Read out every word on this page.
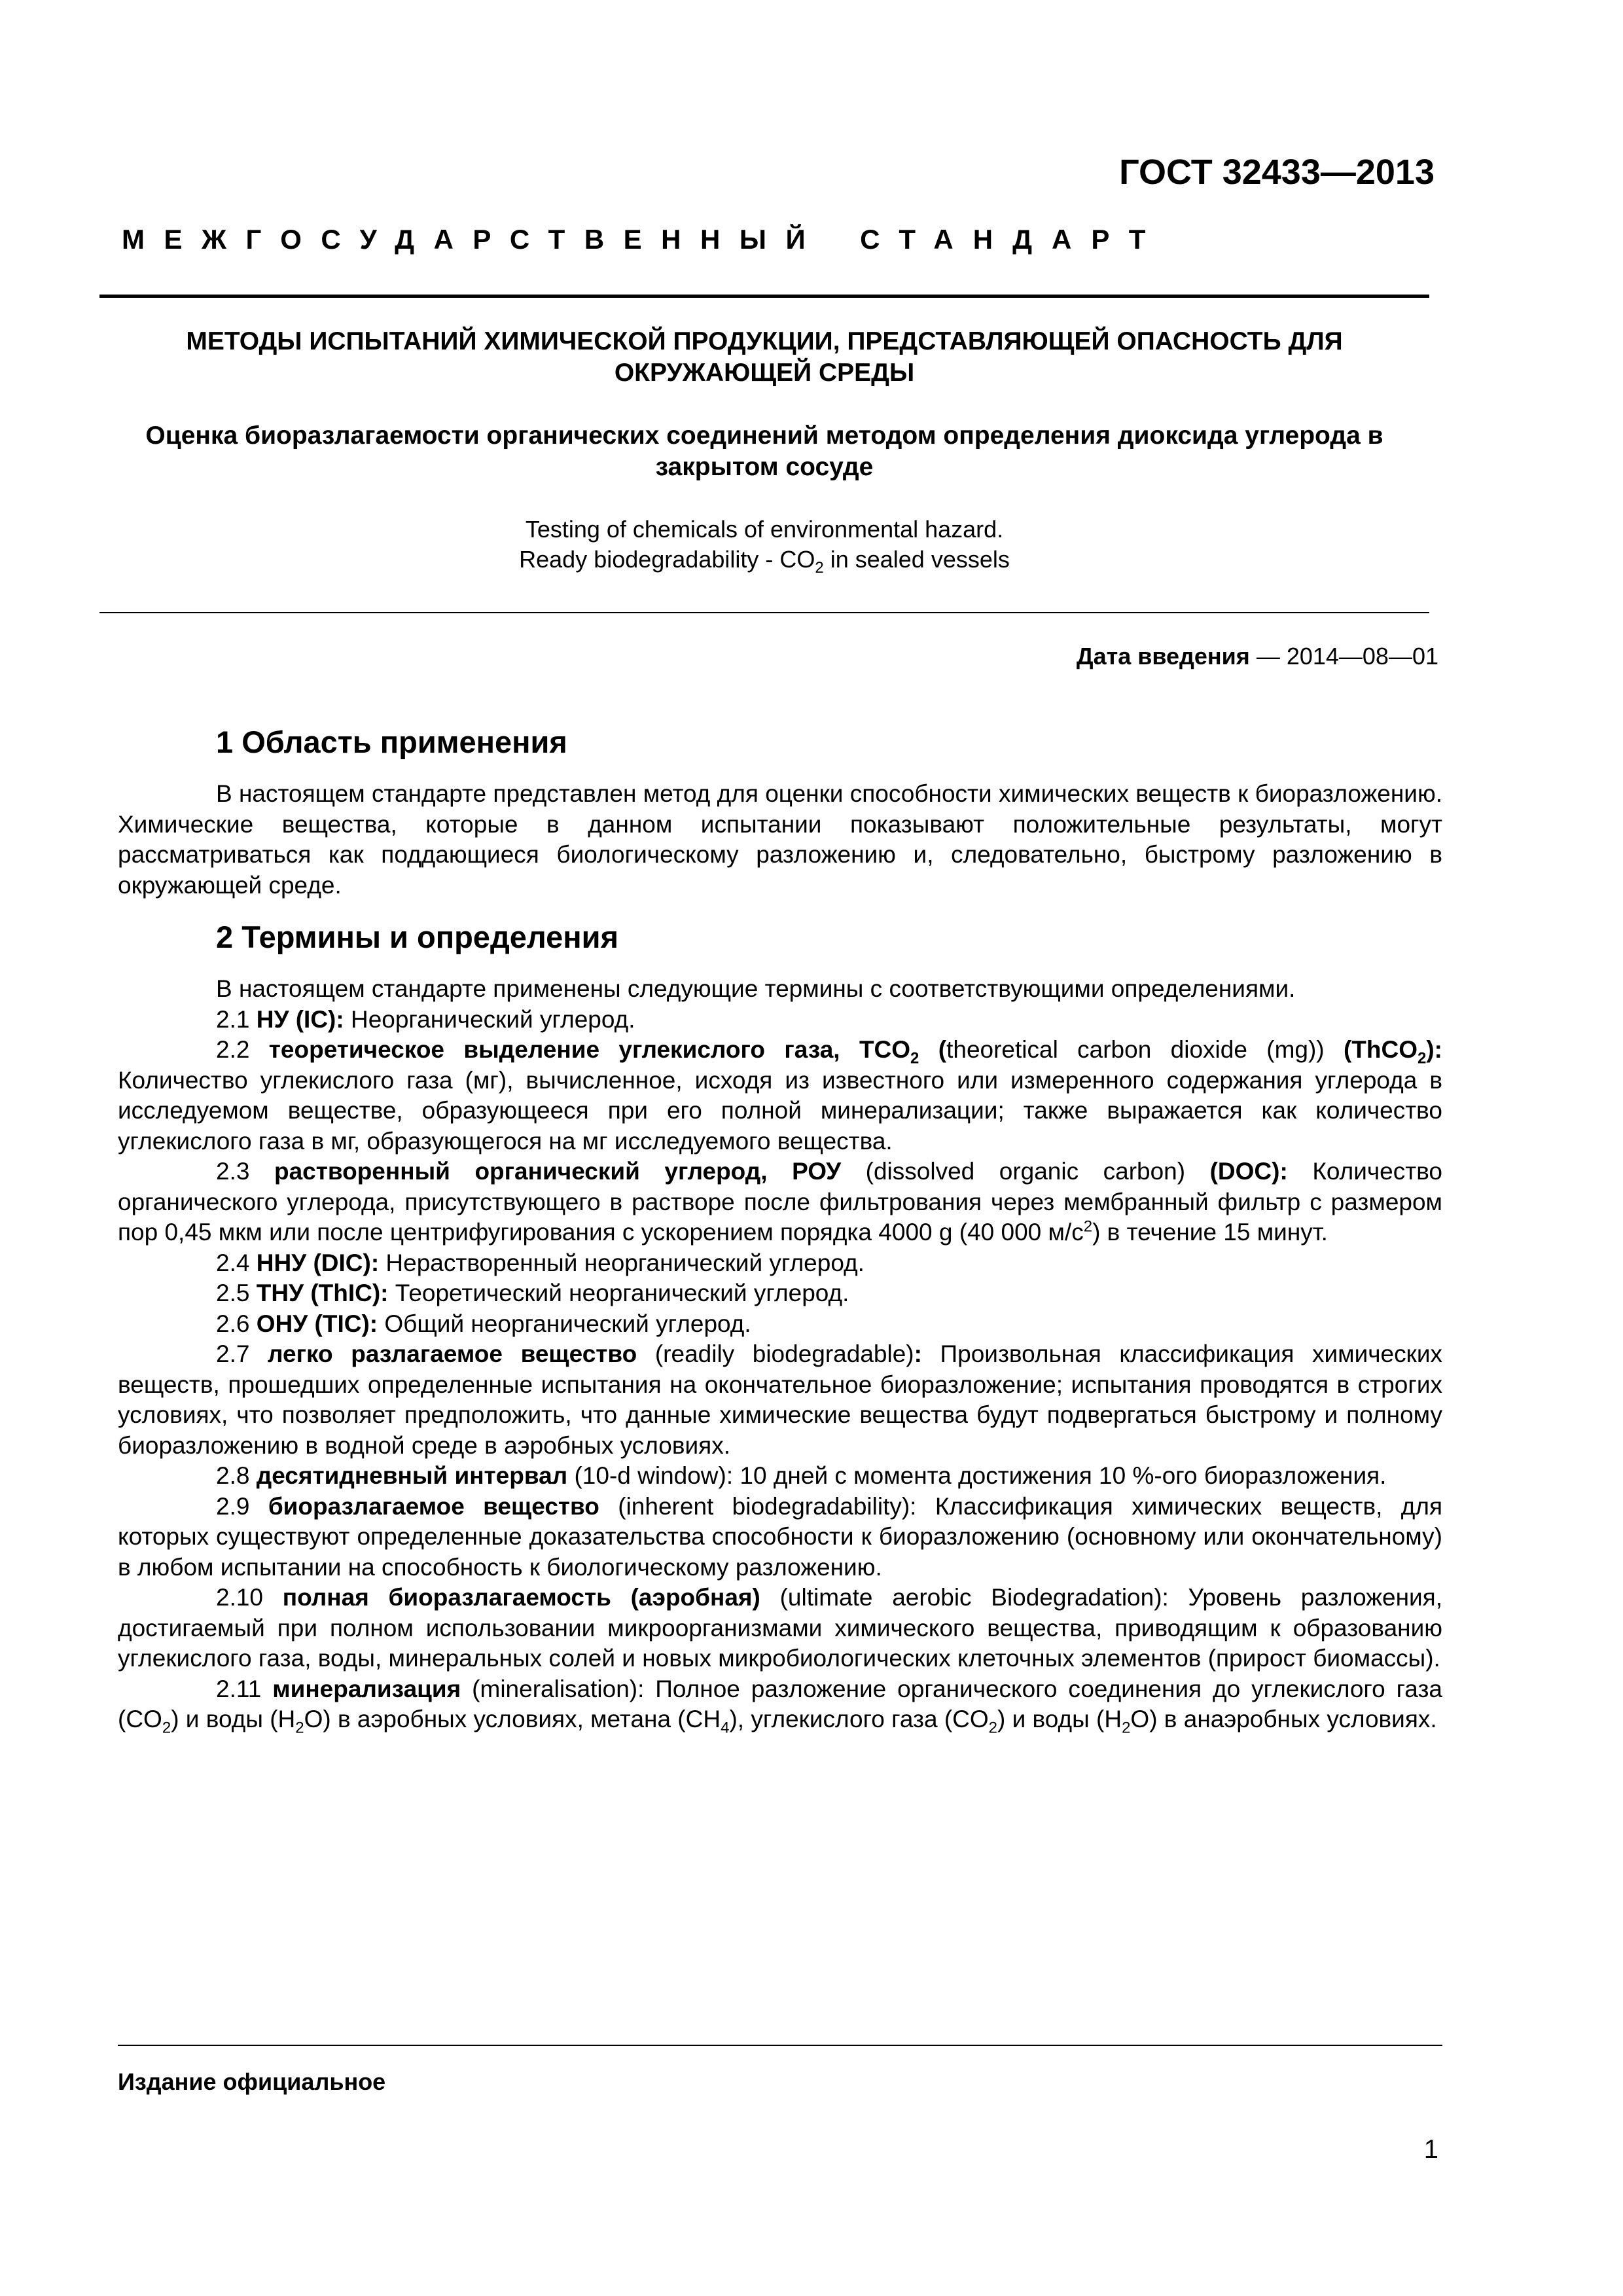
ГОСТ 32433—2013
МЕЖГОСУДАРСТВЕННЫЙ СТАНДАРТ
МЕТОДЫ ИСПЫТАНИЙ ХИМИЧЕСКОЙ ПРОДУКЦИИ, ПРЕДСТАВЛЯЮЩЕЙ ОПАСНОСТЬ ДЛЯ ОКРУЖАЮЩЕЙ СРЕДЫ
Оценка биоразлагаемости органических соединений методом определения диоксида углерода в закрытом сосуде
Testing of chemicals of environmental hazard.
Ready biodegradability - $CO_2$ in sealed vessels
Дата введения — 2014—08—01
1 Область применения

В настоящем стандарте представлен метод для оценки способности химических веществ к биоразложению. Химические вещества, которые в данном испытании показывают положительные результаты, могут рассматриваться как поддающиеся биологическому разложению и, следовательно, быстрому разложению в окружающей среде.

2 Термины и определения

В настоящем стандарте применены следующие термины с соответствующими определениями.

2.1 НУ (IC): Неорганический углерод.

2.2 теоретическое выделение углекислого газа, $TCO_2$ (theoretical carbon dioxide (mg)) (ThCO$_2$): Количество углекислого газа (мг), вычисленное, исходя из известного или измеренного содержания углерода в исследуемом веществе, образующееся при его полной минерализации; также выражается как количество углекислого газа в мг, образующегося на мг исследуемого вещества.

2.3 растворенный органический углерод, РОУ (dissolved organic carbon) (DOC): Количество органического углерода, присутствующего в растворе после фильтрования через мембранный фильтр с размером пор 0,45 мкм или после центрифугирования с ускорением порядка 4000 g (40 000 $м/с^2$) в течение 15 минут.

2.4 ННУ (DIC): Нерастворенный неорганический углерод.

2.5 ТНУ (ThIC): Теоретический неорганический углерод.

2.6 ОНУ (TIC): Общий неорганический углерод.

2.7 легко разлагаемое вещество (readily biodegradable): Произвольная классификация химических веществ, прошедших определенные испытания на окончательное биоразложение; испытания проводятся в строгих условиях, что позволяет предположить, что данные химические вещества будут подвергаться быстрому и полному биоразложению в водной среде в аэробных условиях.

2.8 десятидневный интервал (10-d window): 10 дней с момента достижения 10 %-ого биоразложения.

2.9 биоразлагаемое вещество (inherent biodegradability): Классификация химических веществ, для которых существуют определенные доказательства способности к биоразложению (основному или окончательному) в любом испытании на способность к биологическому разложению.

2.10 полная биоразлагаемость (аэробная) (ultimate aerobic Biodegradation): Уровень разложения, достигаемый при полном использовании микроорганизмами химического вещества, приводящим к образованию углекислого газа, воды, минеральных солей и новых микробиологических клеточных элементов (прирост биомассы).

2.11 минерализация (mineralisation): Полное разложение органического соединения до углекислого газа $(CO_2)$ и воды $(H_2O)$ в аэробных условиях, метана $(CH_4)$, углекислого газа $(CO_2)$ и воды $(H_2O)$ в анаэробных условиях.

Издание официальное
1
